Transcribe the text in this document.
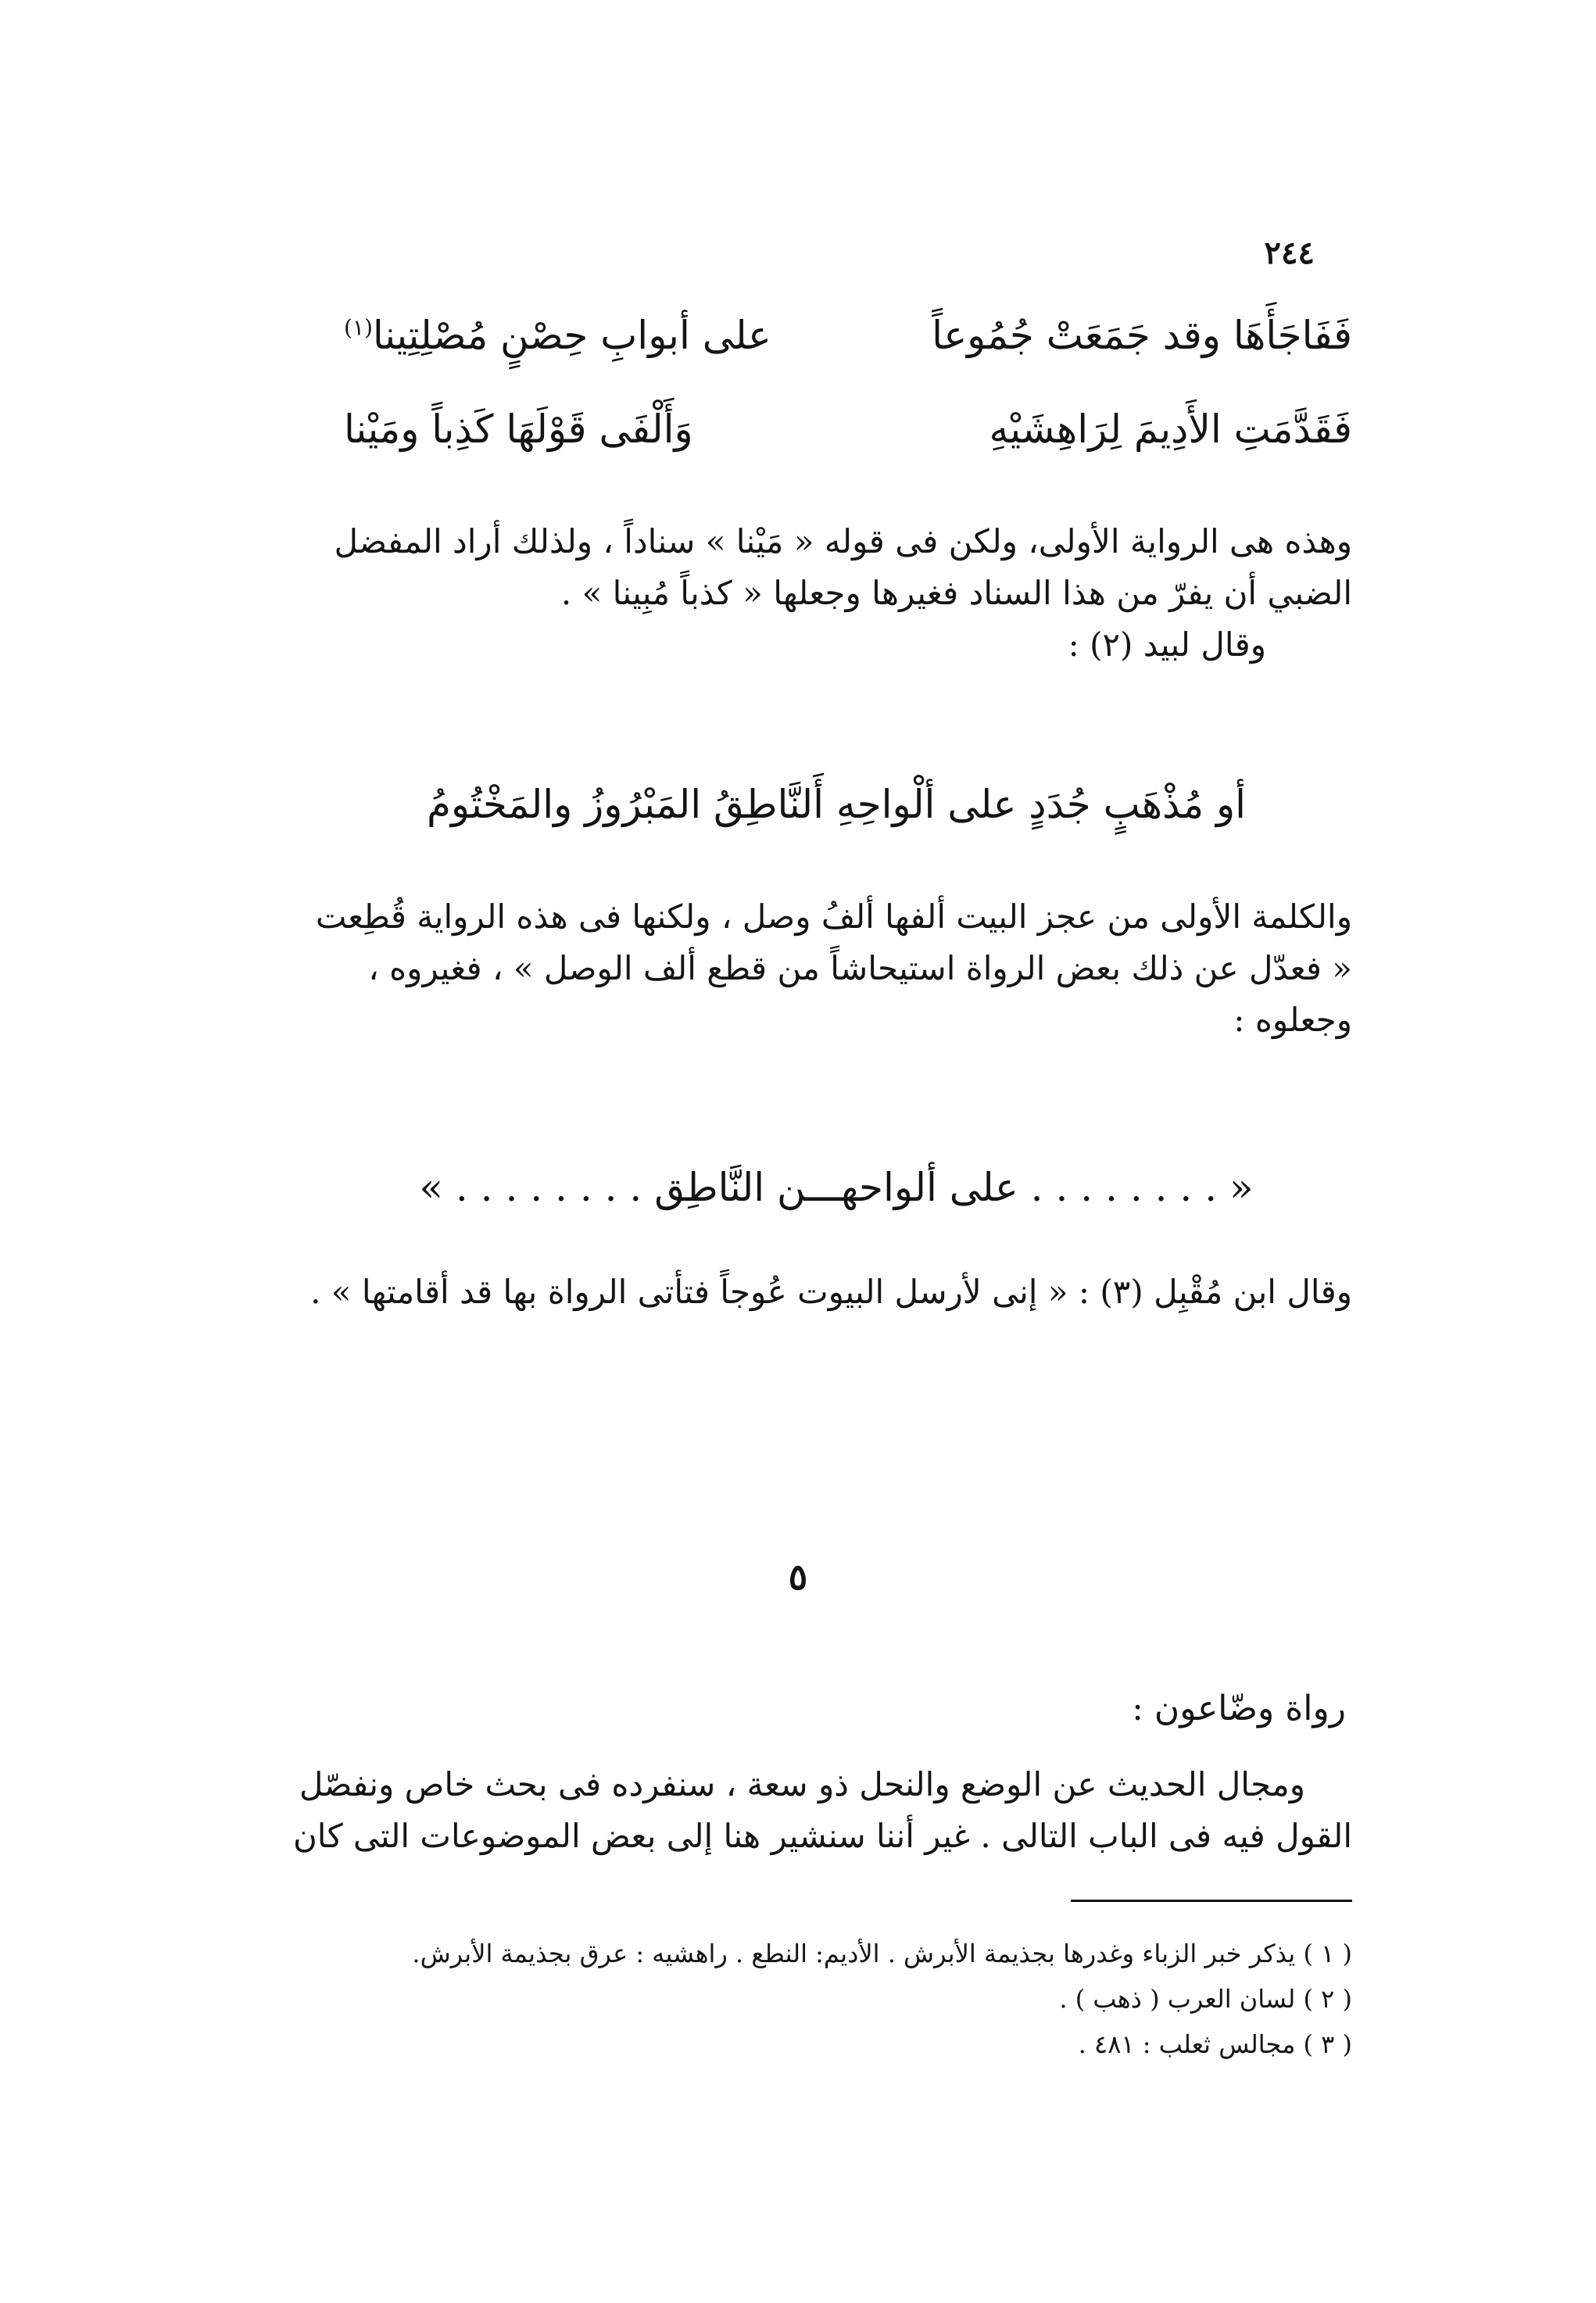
٢٤٤
فَفَاجَأَهَا وقد جَمَعَتْ جُمُوعاً
على أبوابِ حِصْنٍ مُصْلِتِينا$^{(١)}$
فَقَدَّمَتِ الأَدِيمَ لِرَاهِشَيْهِ
وَأَلْفَى قَوْلَهَا كَذِباً ومَيْنا

وهذه هى الرواية الأولى، ولكن فى قوله « مَيْنا » سناداً ، ولذلك أراد المفضل

الضبي أن يفرّ من هذا السناد فغيرها وجعلها « كذباً مُبِينا » .

وقال لبيد (٢) :

أو مُذْهَبٍ جُدَدٍ على ألْواحِهِ أَلنَّاطِقُ المَبْرُوزُ والمَخْتُومُ

والكلمة الأولى من عجز البيت ألفها ألفُ وصل ، ولكنها فى هذه الرواية قُطِعت

« فعدّل عن ذلك بعض الرواة استيحاشاً من قطع ألف الوصل » ، فغيروه ،

وجعلوه :

« . . . . . . . . على ألواحهـــن النَّاطِق . . . . . . . . »

وقال ابن مُقْبِل (٣) : « إنى لأرسل البيوت عُوجاً فتأتى الرواة بها قد أقامتها » .

٥
رواة وضّاعون :

ومجال الحديث عن الوضع والنحل ذو سعة ، سنفرده فى بحث خاص ونفصّل

القول فيه فى الباب التالى . غير أننا سنشير هنا إلى بعض الموضوعات التى كان

( ١ ) يذكر خبر الزباء وغدرها بجذيمة الأبرش . الأديم: النطع . راهشيه : عرق بجذيمة الأبرش.
( ٢ ) لسان العرب ( ذهب ) .
( ٣ ) مجالس ثعلب : ٤٨١ .
